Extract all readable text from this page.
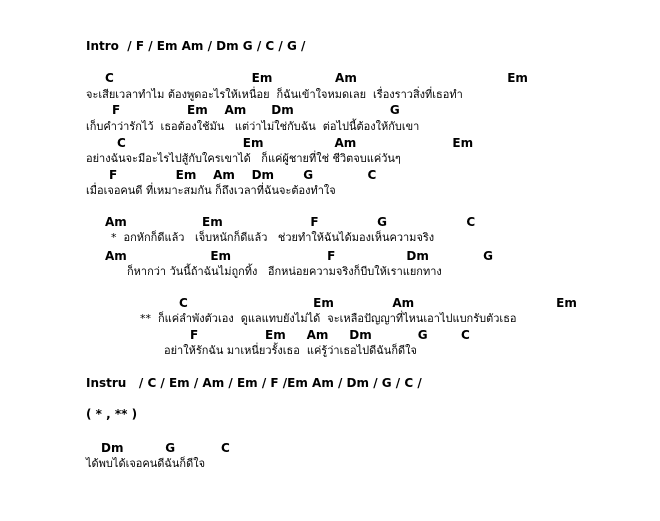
Intro  / F / Em Am / Dm G / C / G /
C                                 Em               Am                                    Em
จะเสียเวลาทำไม ต้องพูดอะไรให้เหนื่อย  ก็ฉันเข้าใจหมดเลย  เรื่องราวสิ่งที่เธอทำ
F                Em    Am      Dm                       G
เก็บคำว่ารักไว้  เธอต้องใช้มัน   แต่ว่าไม่ใช่กับฉัน  ต่อไปนี้ต้องให้กับเขา
C                            Em                 Am                       Em
อย่างฉันจะมีอะไรไปสู้กับใครเขาได้   ก็แค่ผู้ชายที่ใช่ ชีวิตจบแค่วันๆ
F              Em    Am    Dm       G             C
เมื่อเจอคนดี ที่เหมาะสมกัน ก็ถึงเวลาที่ฉันจะต้องทำใจ
Am                  Em                     F              G                   C
*  อกหักก็ดีแล้ว   เจ็บหนักก็ดีแล้ว   ช่วยทำให้ฉันได้มองเห็นความจริง
Am                    Em                       F                 Dm             G
ก็หากว่า วันนี้ถ้าฉันไม่ถูกทิ้ง   อีกหน่อยความจริงก็บีบให้เราแยกทาง
C                              Em              Am                                  Em
**  ก็แค่ลำพังตัวเอง  ดูแลแทบยังไม่ได้  จะเหลือปัญญาที่ไหนเอาไปแบกรับตัวเธอ
F                Em     Am     Dm           G        C
อย่าให้รักฉัน มาเหนี่ยวรั้งเธอ  แค่รู้ว่าเธอไปดีฉันก็ดีใจ
Instru   / C / Em / Am / Em / F /Em Am / Dm / G / C /
( * , ** )
Dm          G           C
ได้พบได้เจอคนดีฉันก็ดีใจ
